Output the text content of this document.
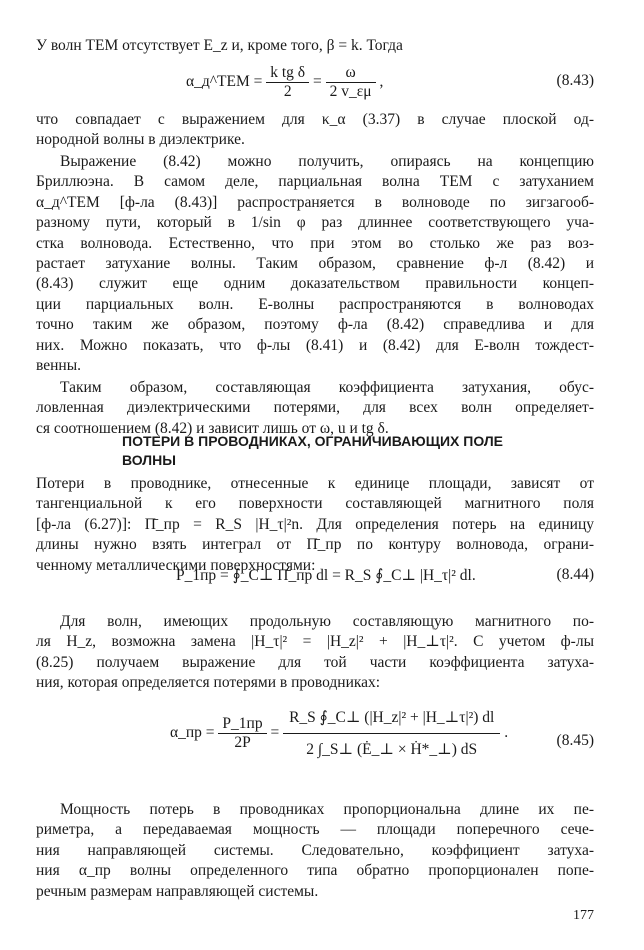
У волн ТЕМ отсутствует E_z и, кроме того, β = k. Тогда
α_д^ТЕМ = $\frac{\text{k tg δ}}{2} = \frac{\omega}{2 v\_\varepsilon\mu}$ ,	(8.43)
что совпадает с выражением для κ_α (3.37) в случае плоской од-
нородной волны в диэлектрике.
Выражение (8.42) можно получить, опираясь на концепцию
Бриллюэна. В самом деле, парциальная волна ТЕМ с затуханием
α_д^ТЕМ [ф-ла (8.43)] распространяется в волноводе по зигзагооб-
разному пути, который в 1/sin φ раз длиннее соответствующего уча-
стка волновода. Естественно, что при этом во столько же раз воз-
растает затухание волны. Таким образом, сравнение ф-л (8.42) и
(8.43) служит еще одним доказательством правильности концеп-
ции парциальных волн. E-волны распространяются в волноводах
точно таким же образом, поэтому ф-ла (8.42) справедлива и для
них. Можно показать, что ф-лы (8.41) и (8.42) для E-волн тождест-
венны.
Таким образом, составляющая коэффициента затухания, обус-
ловленная диэлектрическими потерями, для всех волн определяет-
ся соотношением (8.42) и зависит лишь от ω, u и tg δ.
ПОТЕРИ В ПРОВОДНИКАХ, ОГРАНИЧИВАЮЩИХ ПОЛЕ
ВОЛНЫ
Потери в проводнике, отнесенные к единице площади, зависят от
тангенциальной к его поверхности составляющей магнитного поля
[ф-ла (6.27)]: Π̄_пр = R_S |H_τ|²n. Для определения потерь на единицу
длины нужно взять интеграл от Π̄_пр по контуру волновода, ограни-
ченному металлическими поверхностями:
P_1пр = ∮_C⊥ Π̄_пр dl = R_S ∮_C⊥ |H_τ|² dl.	(8.44)
Для волн, имеющих продольную составляющую магнитного по-
ля H_z, возможна замена |H_τ|² = |H_z|² + |H_⊥τ|². С учетом ф-лы
(8.25) получаем выражение для той части коэффициента затуха-
ния, которая определяется потерями в проводниках:
α_пр = $\frac{P\_1пр}{2P} = \frac{\text{R\_S ∮\_C⊥ (|H\_z|² + |H\_⊥τ|²) dl}}{\text{2 ∫\_S⊥ (Ė\_⊥ × Ḣ*\_⊥) dS}}$ .	(8.45)
Мощность потерь в проводниках пропорциональна длине их пе-
риметра, а передаваемая мощность — площади поперечного сече-
ния направляющей системы. Следовательно, коэффициент затуха-
ния α_пр волны определенного типа обратно пропорционален попе-
речным размерам направляющей системы.
177
